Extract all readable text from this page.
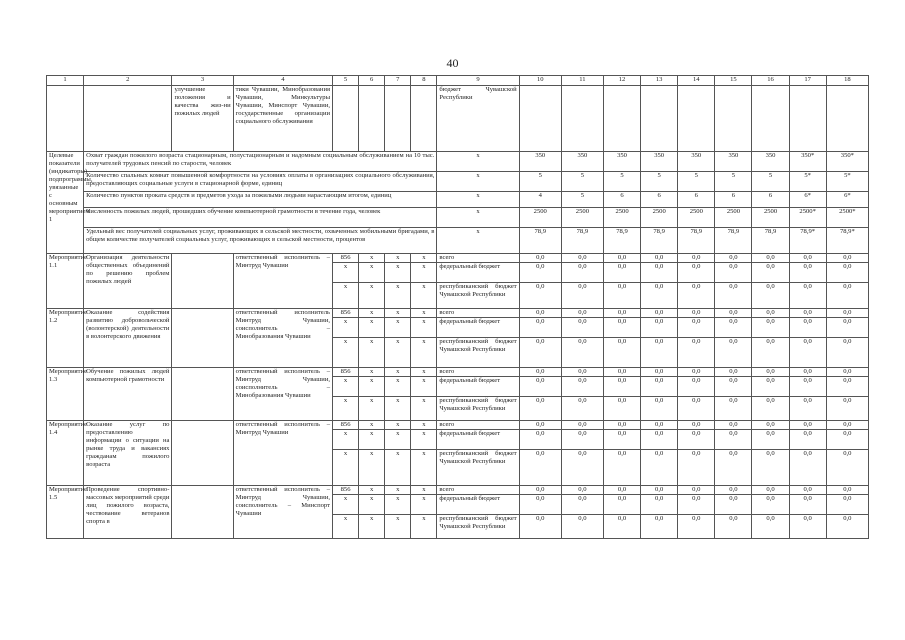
40
1	2	3	4	5	6	7	8	9	10	11	12	13	14	15	16	17	18
		улучшение положения и качества жиз-ни пожилых людей	тики Чувашии, Минобразования Чувашии, Минкультуры Чувашии, Минспорт Чувашии, государственные организации социального обслуживания					бюджет Чувашской Республики									
Целевые показатели (индикаторы) подпрограммы, увязанные с основным мероприятием 1	Охват граждан пожилого возраста стационарным, полустационарным и надомным социальным обслуживанием на 10 тыс. получателей трудовых пенсий по старости, человек							x	350	350	350	350	350	350	350	350*	350*
	Количество спальных комнат повышенной комфортности на условиях оплаты в организациях социального обслуживания, предоставляющих социальные услуги в стационарной форме, единиц							x	5	5	5	5	5	5	5	5*	5*
	Количество пунктов проката средств и предметов ухода за пожилыми людьми нарастающим итогом, единиц							x	4	5	6	6	6	6	6	6*	6*
	Численность пожилых людей, прошедших обучение компьютерной грамотности в течение года, человек							x	2500	2500	2500	2500	2500	2500	2500	2500*	2500*
	Удельный вес получателей социальных услуг, проживающих в сельской местности, охваченных мобильными бригадами, в общем количестве получателей социальных услуг, проживающих в сельской местности, процентов							x	78,9	78,9	78,9	78,9	78,9	78,9	78,9	78,9*	78,9*
Мероприятие 1.1	Организация деятельности общественных объединений по решению проблем пожилых людей		ответственный исполнитель – Минтруд Чувашии	856	x	x	x	всего	0,0	0,0	0,0	0,0	0,0	0,0	0,0	0,0	0,0
				x	x	x	x	федеральный бюджет	0,0	0,0	0,0	0,0	0,0	0,0	0,0	0,0	0,0
				x	x	x	x	республиканский бюджет Чувашской Республики	0,0	0,0	0,0	0,0	0,0	0,0	0,0	0,0	0,0
Мероприятие 1.2	Оказание содействия развитию добровольческой (волонтерской) деятельности в волонтерского движения		ответственный исполнитель Минтруд Чувашии, соисполнитель – Минобразования Чувашии	856	x	x	x	всего	0,0	0,0	0,0	0,0	0,0	0,0	0,0	0,0	0,0
				x	x	x	x	федеральный бюджет	0,0	0,0	0,0	0,0	0,0	0,0	0,0	0,0	0,0
				x	x	x	x	республиканский бюджет Чувашской Республики	0,0	0,0	0,0	0,0	0,0	0,0	0,0	0,0	0,0
Мероприятие 1.3	Обучение пожилых людей компьютерной грамотности		ответственный исполнитель – Минтруд Чувашии, соисполнитель – Минобразования Чувашии	856	x	x	x	всего	0,0	0,0	0,0	0,0	0,0	0,0	0,0	0,0	0,0
				x	x	x	x	федеральный бюджет	0,0	0,0	0,0	0,0	0,0	0,0	0,0	0,0	0,0
				x	x	x	x	республиканский бюджет Чувашской Республики	0,0	0,0	0,0	0,0	0,0	0,0	0,0	0,0	0,0
Мероприятие 1.4	Оказание услуг по предоставлению информации о ситуации на рынке труда и вакансиях гражданам пожилого возраста		ответственный исполнитель – Минтруд Чувашии	856	x	x	x	всего	0,0	0,0	0,0	0,0	0,0	0,0	0,0	0,0	0,0
				x	x	x	x	федеральный бюджет	0,0	0,0	0,0	0,0	0,0	0,0	0,0	0,0	0,0
				x	x	x	x	республиканский бюджет Чувашской Республики	0,0	0,0	0,0	0,0	0,0	0,0	0,0	0,0	0,0
Мероприятие 1.5	Проведение спортивно-массовых мероприятий среди лиц пожилого возраста, чествование ветеранов спорта в		ответственный исполнитель – Минтруд Чувашии, соисполнитель – Минспорт Чувашии	856	x	x	x	всего	0,0	0,0	0,0	0,0	0,0	0,0	0,0	0,0	0,0
				x	x	x	x	федеральный бюджет	0,0	0,0	0,0	0,0	0,0	0,0	0,0	0,0	0,0
				x	x	x	x	республиканский бюджет Чувашской Республики	0,0	0,0	0,0	0,0	0,0	0,0	0,0	0,0	0,0
